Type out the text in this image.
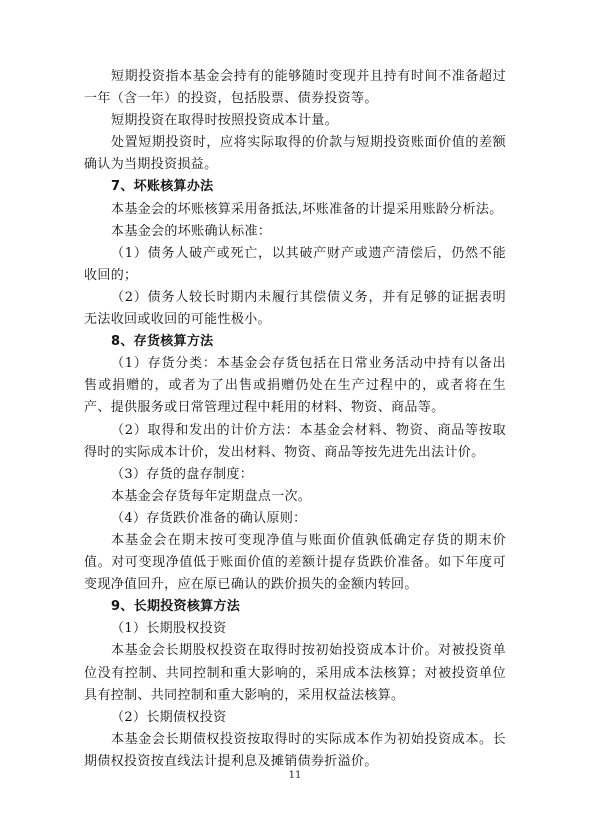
短期投资指本基金会持有的能够随时变现并且持有时间不准备超过一年（含一年）的投资，包括股票、债券投资等。

短期投资在取得时按照投资成本计量。

处置短期投资时，应将实际取得的价款与短期投资账面价值的差额确认为当期投资损益。

7、坏账核算办法

本基金会的坏账核算采用备抵法,坏账准备的计提采用账龄分析法。

本基金会的坏账确认标准：

（1）债务人破产或死亡，以其破产财产或遗产清偿后，仍然不能收回的；

（2）债务人较长时期内未履行其偿债义务，并有足够的证据表明无法收回或收回的可能性极小。

8、存货核算方法

（1）存货分类：本基金会存货包括在日常业务活动中持有以备出售或捐赠的，或者为了出售或捐赠仍处在生产过程中的，或者将在生产、提供服务或日常管理过程中耗用的材料、物资、商品等。

（2）取得和发出的计价方法：本基金会材料、物资、商品等按取得时的实际成本计价，发出材料、物资、商品等按先进先出法计价。

（3）存货的盘存制度：

本基金会存货每年定期盘点一次。

（4）存货跌价准备的确认原则：

本基金会在期末按可变现净值与账面价值孰低确定存货的期末价值。对可变现净值低于账面价值的差额计提存货跌价准备。如下年度可变现净值回升，应在原已确认的跌价损失的金额内转回。

9、长期投资核算方法

（1）长期股权投资

本基金会长期股权投资在取得时按初始投资成本计价。对被投资单位没有控制、共同控制和重大影响的，采用成本法核算；对被投资单位具有控制、共同控制和重大影响的，采用权益法核算。

（2）长期债权投资

本基金会长期债权投资按取得时的实际成本作为初始投资成本。长期债权投资按直线法计提利息及摊销债券折溢价。

11
